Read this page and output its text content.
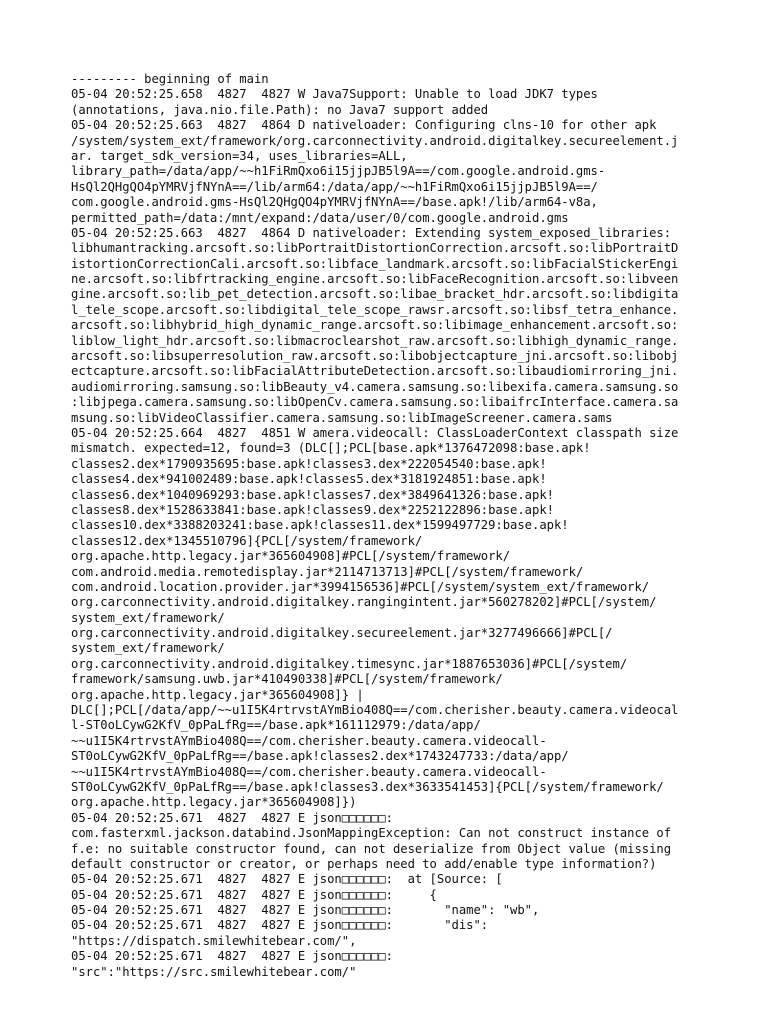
--------- beginning of main
05-04 20:52:25.658  4827  4827 W Java7Support: Unable to load JDK7 types
(annotations, java.nio.file.Path): no Java7 support added
05-04 20:52:25.663  4827  4864 D nativeloader: Configuring clns-10 for other apk
/system/system_ext/framework/org.carconnectivity.android.digitalkey.secureelement.j
ar. target_sdk_version=34, uses_libraries=ALL,
library_path=/data/app/~~h1FiRmQxo6i15jjpJB5l9A==/com.google.android.gms-
HsQl2QHgQO4pYMRVjfNYnA==/lib/arm64:/data/app/~~h1FiRmQxo6i15jjpJB5l9A==/
com.google.android.gms-HsQl2QHgQO4pYMRVjfNYnA==/base.apk!/lib/arm64-v8a,
permitted_path=/data:/mnt/expand:/data/user/0/com.google.android.gms
05-04 20:52:25.663  4827  4864 D nativeloader: Extending system_exposed_libraries:
libhumantracking.arcsoft.so:libPortraitDistortionCorrection.arcsoft.so:libPortraitD
istortionCorrectionCali.arcsoft.so:libface_landmark.arcsoft.so:libFacialStickerEngi
ne.arcsoft.so:libfrtracking_engine.arcsoft.so:libFaceRecognition.arcsoft.so:libveen
gine.arcsoft.so:lib_pet_detection.arcsoft.so:libae_bracket_hdr.arcsoft.so:libdigita
l_tele_scope.arcsoft.so:libdigital_tele_scope_rawsr.arcsoft.so:libsf_tetra_enhance.
arcsoft.so:libhybrid_high_dynamic_range.arcsoft.so:libimage_enhancement.arcsoft.so:
liblow_light_hdr.arcsoft.so:libmacroclearshot_raw.arcsoft.so:libhigh_dynamic_range.
arcsoft.so:libsuperresolution_raw.arcsoft.so:libobjectcapture_jni.arcsoft.so:libobj
ectcapture.arcsoft.so:libFacialAttributeDetection.arcsoft.so:libaudiomirroring_jni.
audiomirroring.samsung.so:libBeauty_v4.camera.samsung.so:libexifa.camera.samsung.so
:libjpega.camera.samsung.so:libOpenCv.camera.samsung.so:libaifrcInterface.camera.sa
msung.so:libVideoClassifier.camera.samsung.so:libImageScreener.camera.sams
05-04 20:52:25.664  4827  4851 W amera.videocall: ClassLoaderContext classpath size
mismatch. expected=12, found=3 (DLC[];PCL[base.apk*1376472098:base.apk!
classes2.dex*1790935695:base.apk!classes3.dex*222054540:base.apk!
classes4.dex*941002489:base.apk!classes5.dex*3181924851:base.apk!
classes6.dex*1040969293:base.apk!classes7.dex*3849641326:base.apk!
classes8.dex*1528633841:base.apk!classes9.dex*2252122896:base.apk!
classes10.dex*3388203241:base.apk!classes11.dex*1599497729:base.apk!
classes12.dex*1345510796]{PCL[/system/framework/
org.apache.http.legacy.jar*365604908]#PCL[/system/framework/
com.android.media.remotedisplay.jar*2114713713]#PCL[/system/framework/
com.android.location.provider.jar*3994156536]#PCL[/system/system_ext/framework/
org.carconnectivity.android.digitalkey.rangingintent.jar*560278202]#PCL[/system/
system_ext/framework/
org.carconnectivity.android.digitalkey.secureelement.jar*3277496666]#PCL[/
system_ext/framework/
org.carconnectivity.android.digitalkey.timesync.jar*1887653036]#PCL[/system/
framework/samsung.uwb.jar*410490338]#PCL[/system/framework/
org.apache.http.legacy.jar*365604908]} |
DLC[];PCL[/data/app/~~u1I5K4rtrvstAYmBio408Q==/com.cherisher.beauty.camera.videocal
l-ST0oLCywG2KfV_0pPaLfRg==/base.apk*161112979:/data/app/
~~u1I5K4rtrvstAYmBio408Q==/com.cherisher.beauty.camera.videocall-
ST0oLCywG2KfV_0pPaLfRg==/base.apk!classes2.dex*1743247733:/data/app/
~~u1I5K4rtrvstAYmBio408Q==/com.cherisher.beauty.camera.videocall-
ST0oLCywG2KfV_0pPaLfRg==/base.apk!classes3.dex*3633541453]{PCL[/system/framework/
org.apache.http.legacy.jar*365604908]})
05-04 20:52:25.671  4827  4827 E json□□□□□□:
com.fasterxml.jackson.databind.JsonMappingException: Can not construct instance of
f.e: no suitable constructor found, can not deserialize from Object value (missing
default constructor or creator, or perhaps need to add/enable type information?)
05-04 20:52:25.671  4827  4827 E json□□□□□□:  at [Source: [
05-04 20:52:25.671  4827  4827 E json□□□□□□:     {
05-04 20:52:25.671  4827  4827 E json□□□□□□:       "name": "wb",
05-04 20:52:25.671  4827  4827 E json□□□□□□:       "dis":
"https://dispatch.smilewhitebear.com/",
05-04 20:52:25.671  4827  4827 E json□□□□□□:
"src":"https://src.smilewhitebear.com/"
